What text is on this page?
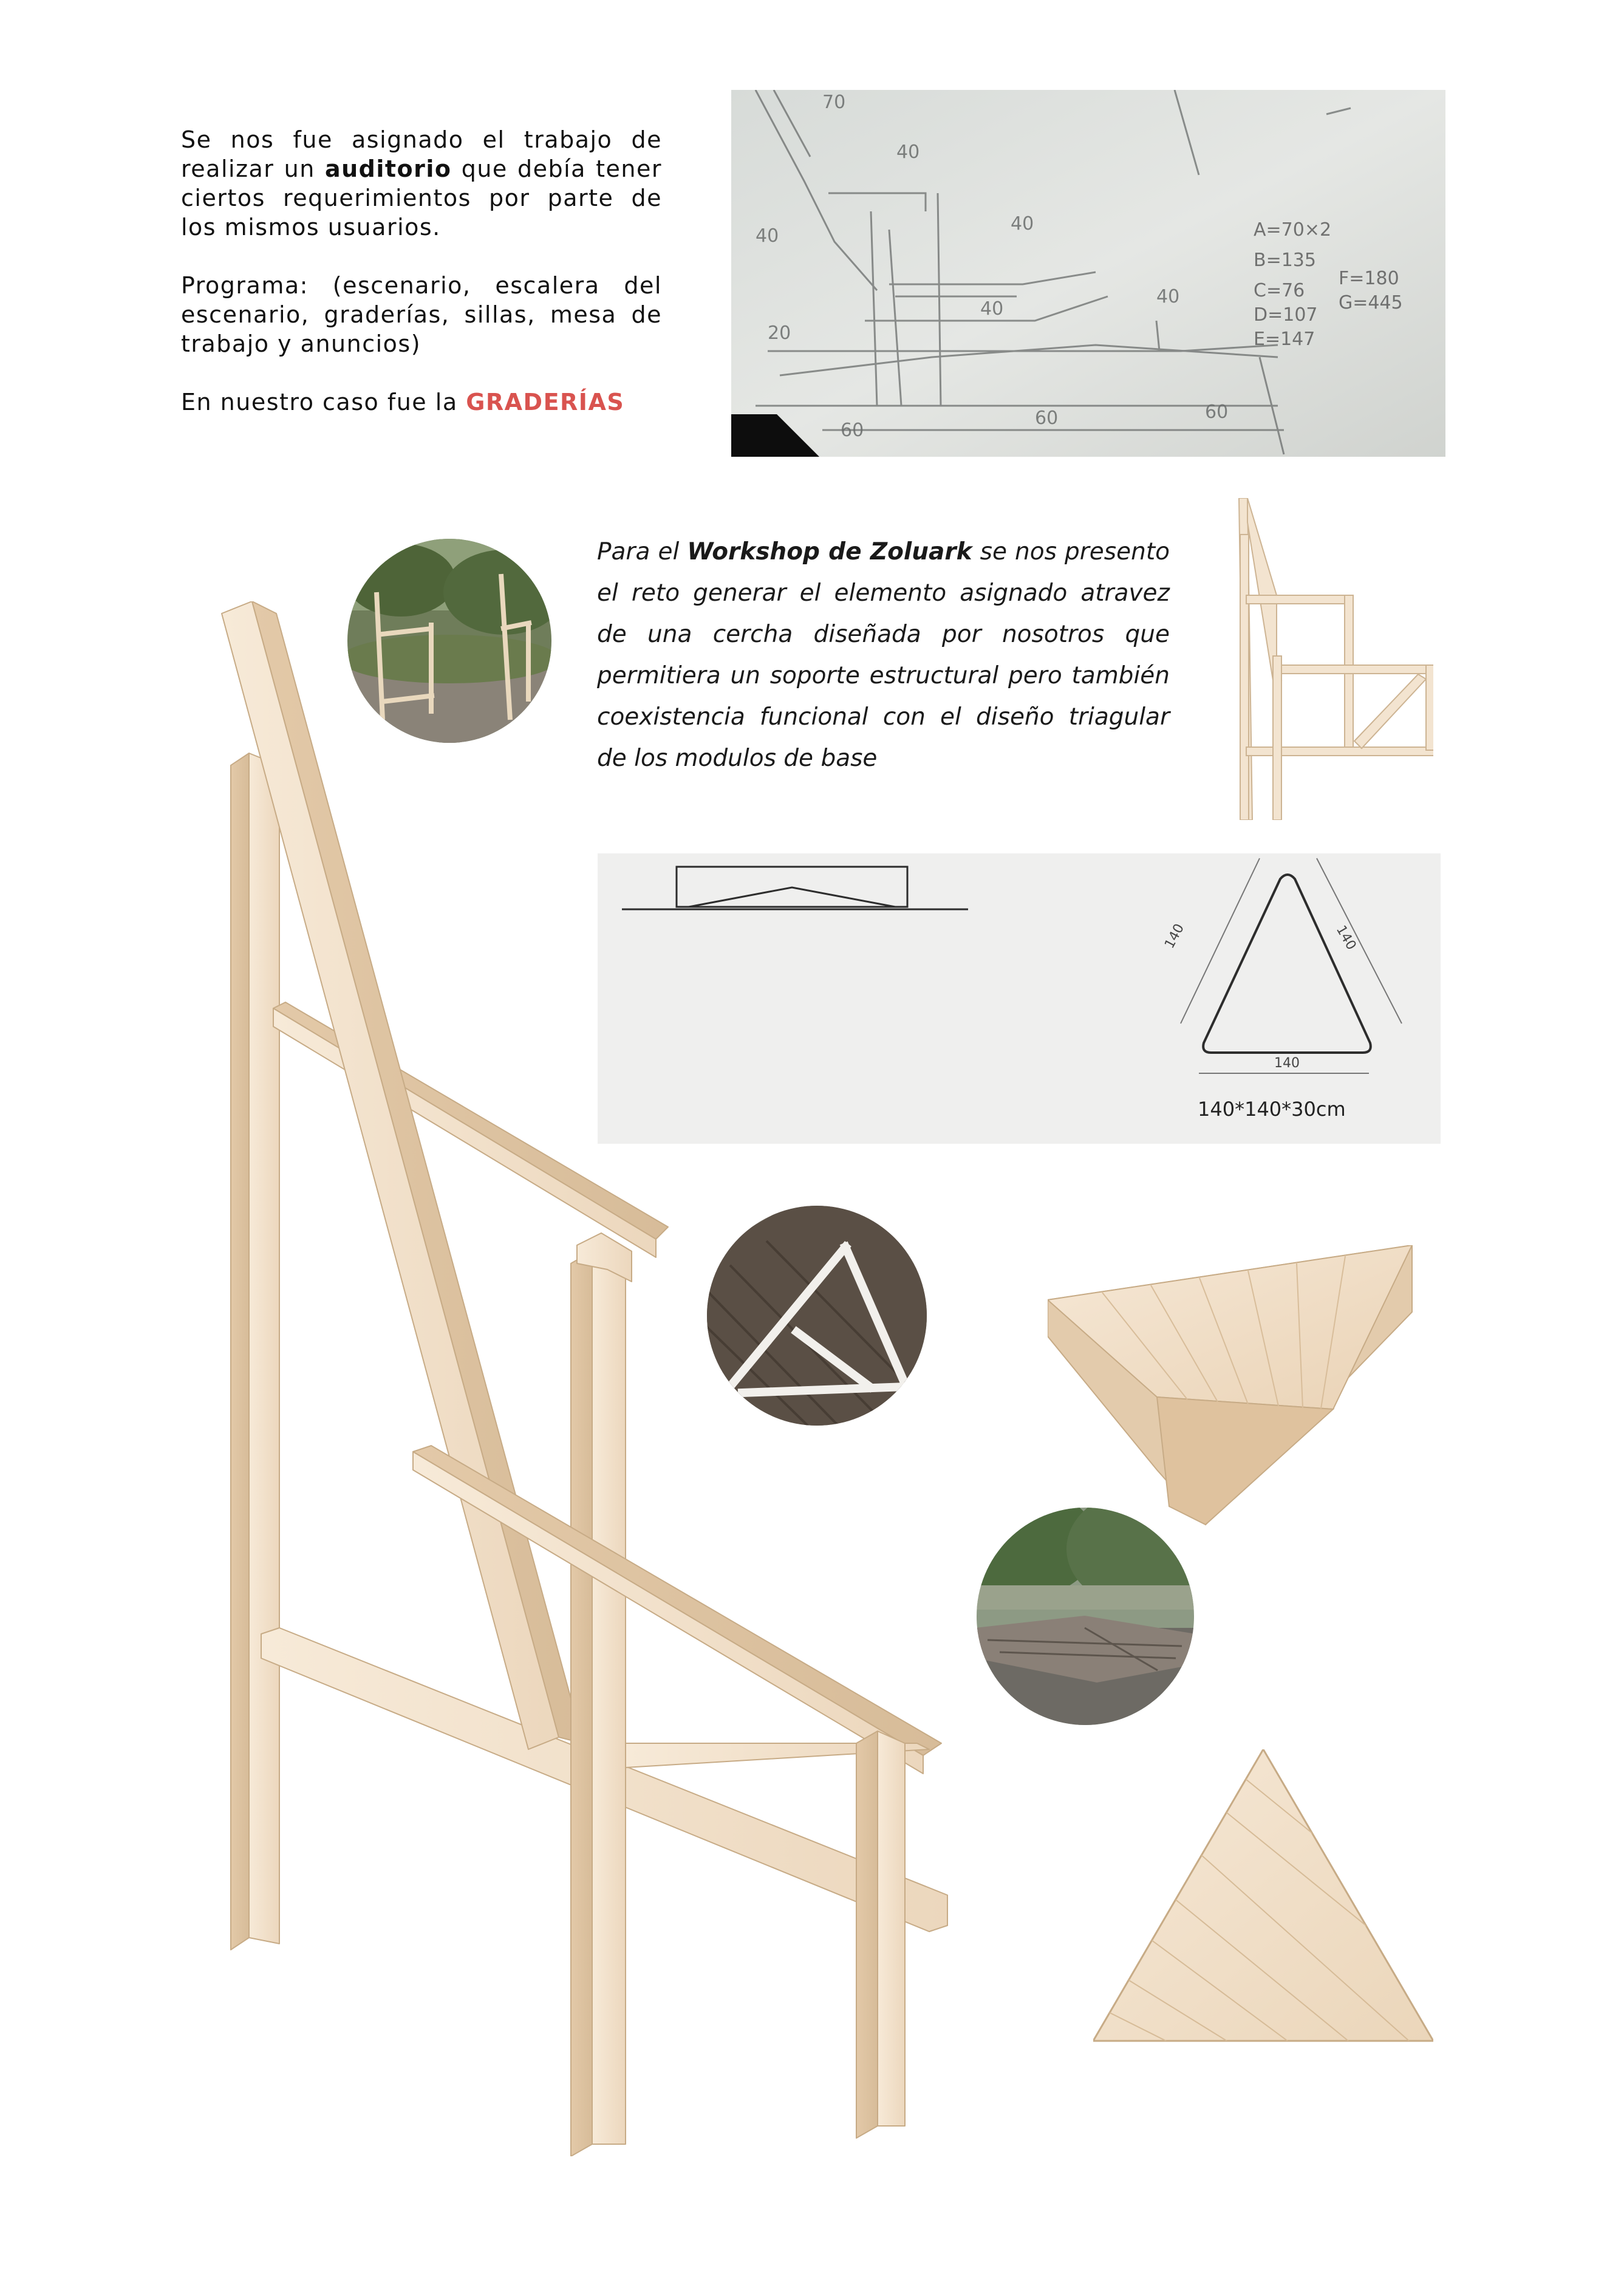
Se nos fue asignado el trabajo de realizar un auditorio que debía tener ciertos requerimientos por parte de los mismos usuarios.

Programa: (escenario, escalera del escenario, graderías, sillas, mesa de trabajo y anuncios)

En nuestro caso fue la GRADERÍAS

40
40
40
40
40
20
60
60	60
70
A=70×2
B=135
C=76
D=107
E=147
F=180
G=445
Para el Workshop de Zoluark se nos presento el reto generar el elemento asignado atravez de una cercha diseñada por nosotros que permitiera un soporte estructural pero también coexistencia funcional con el diseño triagular de los modulos de base
140	140
140
140*140*30cm
